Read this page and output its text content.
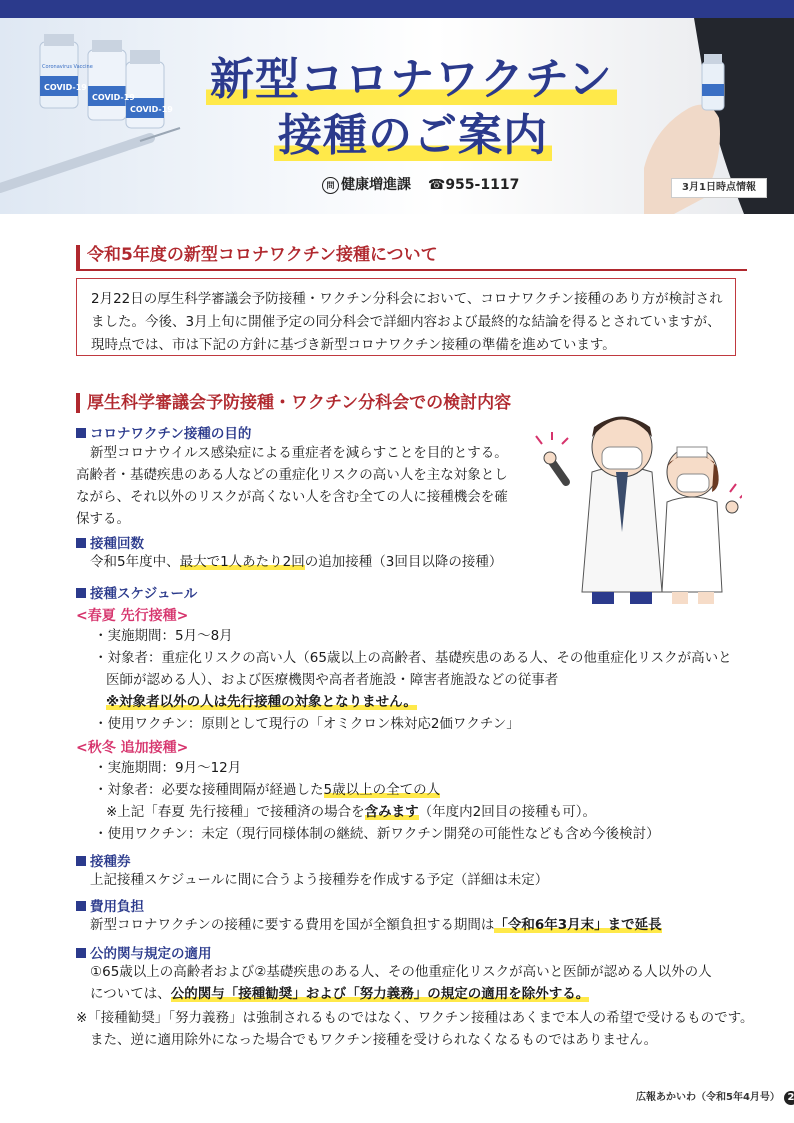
COVID-19
COVID-19
COVID-19
Coronavirus Vaccine	新型コロナワクチン
接種のご案内
問 健康増進課 ☎955-1117	3月1日時点情報
令和5年度の新型コロナワクチン接種について
2月22日の厚生科学審議会予防接種・ワクチン分科会において、コロナワクチン接種のあり方が検討され
ました。今後、3月上旬に開催予定の同分科会で詳細内容および最終的な結論を得るとされていますが、
現時点では、市は下記の方針に基づき新型コロナワクチン接種の準備を進めています。
厚生科学審議会予防接種・ワクチン分科会での検討内容
コロナワクチン接種の目的
新型コロナウイルス感染症による重症者を減らすことを目的とする。
高齢者・基礎疾患のある人などの重症化リスクの高い人を主な対象とし
ながら、それ以外のリスクが高くない人を含む全ての人に接種機会を確
保する。
接種回数
令和5年度中、最大で1人あたり2回の追加接種（3回目以降の接種）
接種スケジュール
<春夏 先行接種>
・実施期間：5月～8月
・対象者：重症化リスクの高い人（65歳以上の高齢者、基礎疾患のある人、その他重症化リスクが高いと
医師が認める人）、および医療機関や高者者施設・障害者施設などの従事者
※対象者以外の人は先行接種の対象となりません。
・使用ワクチン：原則として現行の「オミクロン株対応2価ワクチン」
<秋冬 追加接種>
・実施期間：9月～12月
・対象者：必要な接種間隔が経過した5歳以上の全ての人
※上記「春夏 先行接種」で接種済の場合を含みます（年度内2回目の接種も可）。
・使用ワクチン：未定（現行同様体制の継続、新ワクチン開発の可能性なども含め今後検討）
接種券
上記接種スケジュールに間に合うよう接種券を作成する予定（詳細は未定）
費用負担
新型コロナワクチンの接種に要する費用を国が全額負担する期間は「令和6年3月末」まで延長
公的関与規定の適用
①65歳以上の高齢者および②基礎疾患のある人、その他重症化リスクが高いと医師が認める人以外の人
については、公的関与「接種勧奨」および「努力義務」の規定の適用を除外する。
※「接種勧奨」「努力義務」は強制されるものではなく、ワクチン接種はあくまで本人の希望で受けるものです。
また、逆に適用除外になった場合でもワクチン接種を受けられなくなるものではありません。
広報あかいわ（令和5年4月号） 2
